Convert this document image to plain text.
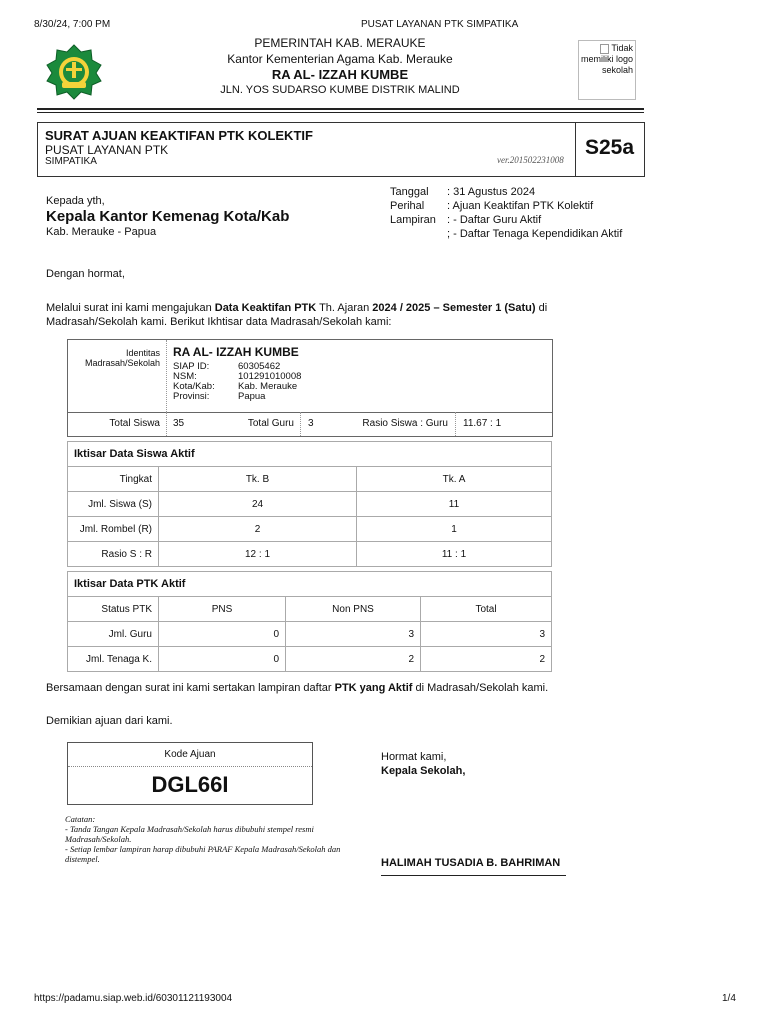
8/30/24, 7:00 PM	PUSAT LAYANAN PTK SIMPATIKA
PEMERINTAH KAB. MERAUKE
Kantor Kementerian Agama Kab. Merauke
RA AL- IZZAH KUMBE
JLN. YOS SUDARSO KUMBE DISTRIK MALIND
Tidak memiliki logo sekolah
SURAT AJUAN KEAKTIFAN PTK KOLEKTIF
PUSAT LAYANAN PTK
SIMPATIKA	ver.201502231008
S25a
Kepada yth,
Kepala Kantor Kemenag Kota/Kab
Kab. Merauke - Papua
Tanggal : 31 Agustus 2024
Perihal : Ajuan Keaktifan PTK Kolektif
Lampiran : - Daftar Guru Aktif
; - Daftar Tenaga Kependidikan Aktif
Dengan hormat,
Melalui surat ini kami mengajukan Data Keaktifan PTK Th. Ajaran 2024 / 2025 – Semester 1 (Satu) di
Madrasah/Sekolah kami. Berikut Ikhtisar data Madrasah/Sekolah kami:
Identitas Madrasah/Sekolah
RA AL- IZZAH KUMBE
SIAP ID:	60305462
NSM:	101291010008
Kota/Kab: Kab. Merauke
Provinsi:	Papua
Total Siswa 35	Total Guru 3	Rasio Siswa : Guru 11.67 : 1
Iktisar Data Siswa Aktif		
Tingkat	Tk. B	Tk. A
Jml. Siswa (S)	24	11
Jml. Rombel (R)	2	1
Rasio S : R	12 : 1	11 : 1
Iktisar Data PTK Aktif			
Status PTK	PNS	Non PNS	Total
Jml. Guru	0	3	3
Jml. Tenaga K.	0	2	2
Bersamaan dengan surat ini kami sertakan lampiran daftar PTK yang Aktif di Madrasah/Sekolah kami.
Demikian ajuan dari kami.
Kode Ajuan
DGL66I
Catatan:
- Tanda Tangan Kepala Madrasah/Sekolah harus dibubuhi stempel resmi Madrasah/Sekolah.
- Setiap lembar lampiran harap dibubuhi PARAF Kepala Madrasah/Sekolah dan distempel.
Hormat kami,
Kepala Sekolah,
HALIMAH TUSADIA B. BAHRIMAN
https://padamu.siap.web.id/60301121193004	1/4
